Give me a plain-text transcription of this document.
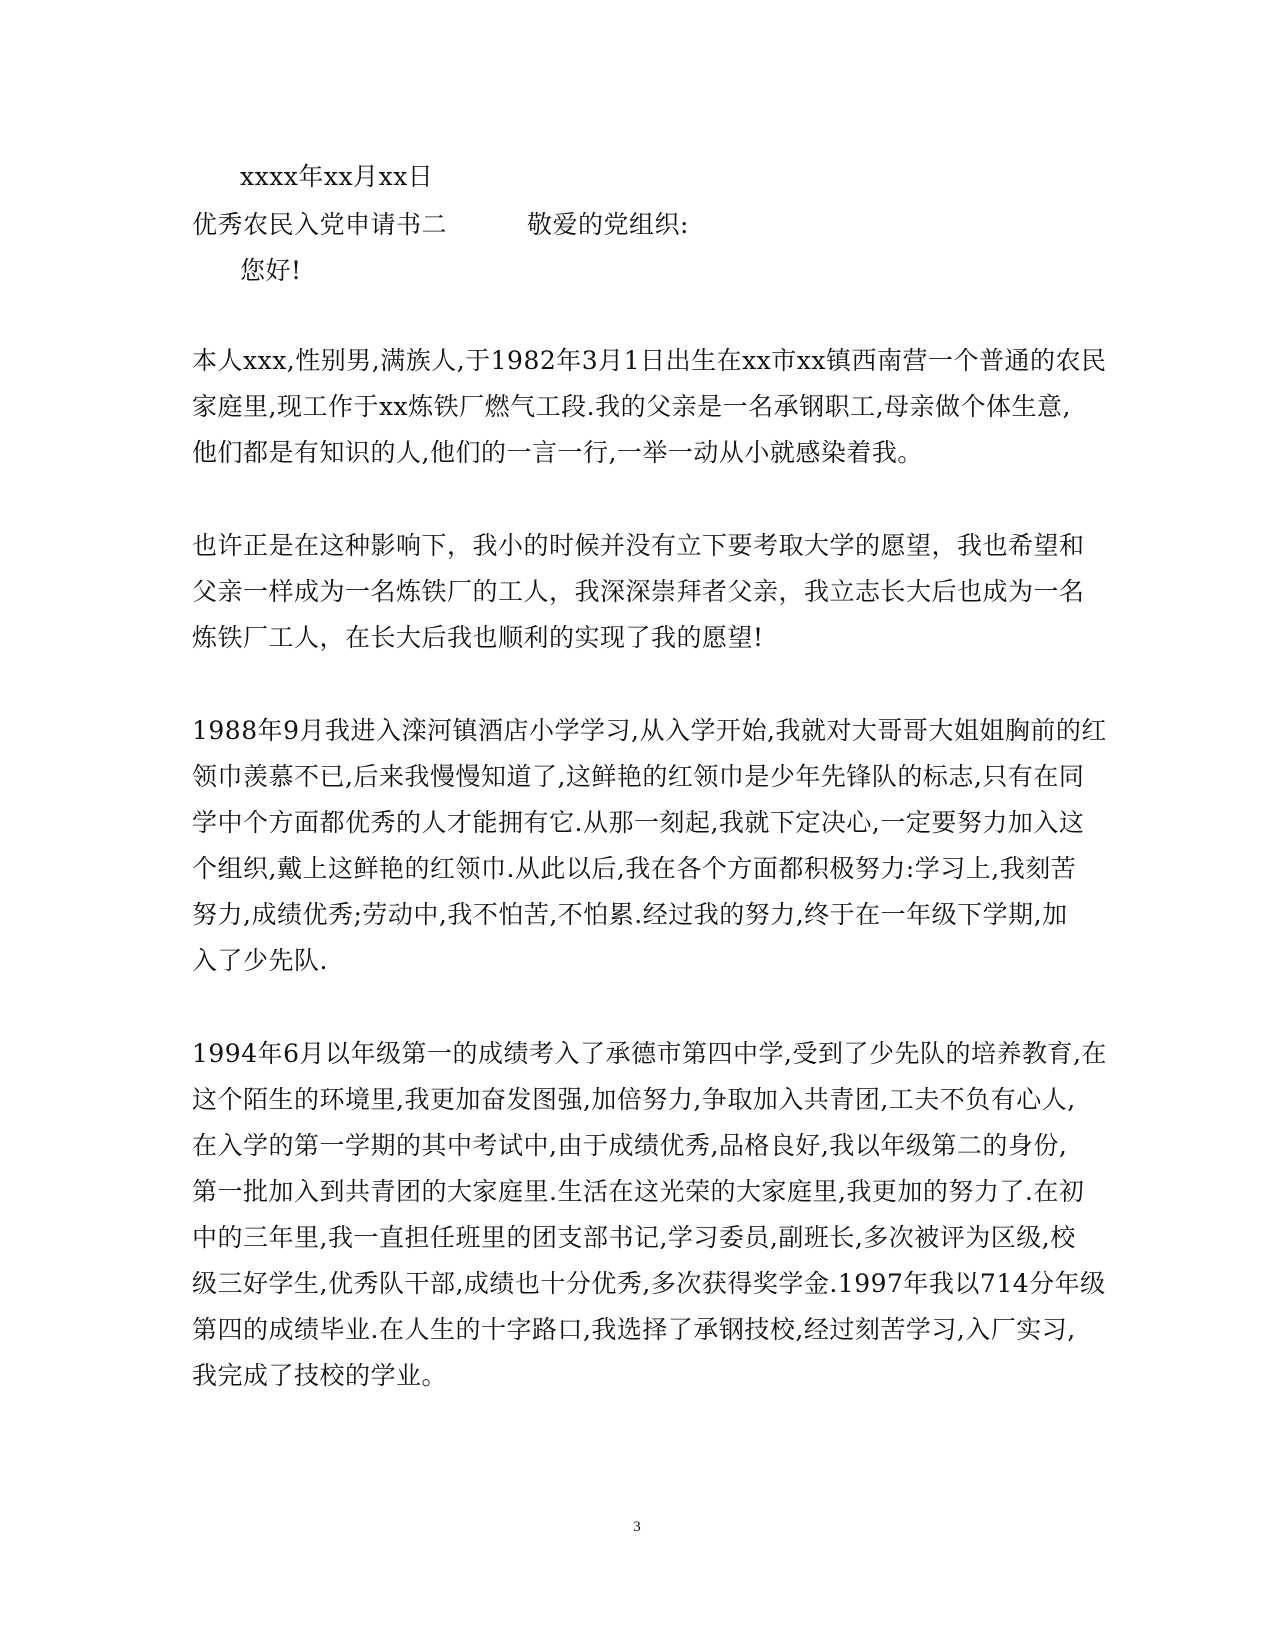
xxxx年xx月xx日
优秀农民入党申请书二	敬爱的党组织:
您好!
本人xxx,性别男,满族人,于1982年3月1日出生在xx市xx镇西南营一个普通的农民
家庭里,现工作于xx炼铁厂燃气工段.我的父亲是一名承钢职工,母亲做个体生意,
他们都是有知识的人,他们的一言一行,一举一动从小就感染着我。
也许正是在这种影响下，我小的时候并没有立下要考取大学的愿望，我也希望和
父亲一样成为一名炼铁厂的工人，我深深崇拜者父亲，我立志长大后也成为一名
炼铁厂工人，在长大后我也顺利的实现了我的愿望!
1988年9月我进入滦河镇酒店小学学习,从入学开始,我就对大哥哥大姐姐胸前的红
领巾羡慕不已,后来我慢慢知道了,这鲜艳的红领巾是少年先锋队的标志,只有在同
学中个方面都优秀的人才能拥有它.从那一刻起,我就下定决心,一定要努力加入这
个组织,戴上这鲜艳的红领巾.从此以后,我在各个方面都积极努力:学习上,我刻苦
努力,成绩优秀;劳动中,我不怕苦,不怕累.经过我的努力,终于在一年级下学期,加
入了少先队.
1994年6月以年级第一的成绩考入了承德市第四中学,受到了少先队的培养教育,在
这个陌生的环境里,我更加奋发图强,加倍努力,争取加入共青团,工夫不负有心人,
在入学的第一学期的其中考试中,由于成绩优秀,品格良好,我以年级第二的身份,
第一批加入到共青团的大家庭里.生活在这光荣的大家庭里,我更加的努力了.在初
中的三年里,我一直担任班里的团支部书记,学习委员,副班长,多次被评为区级,校
级三好学生,优秀队干部,成绩也十分优秀,多次获得奖学金.1997年我以714分年级
第四的成绩毕业.在人生的十字路口,我选择了承钢技校,经过刻苦学习,入厂实习,
我完成了技校的学业。
3
